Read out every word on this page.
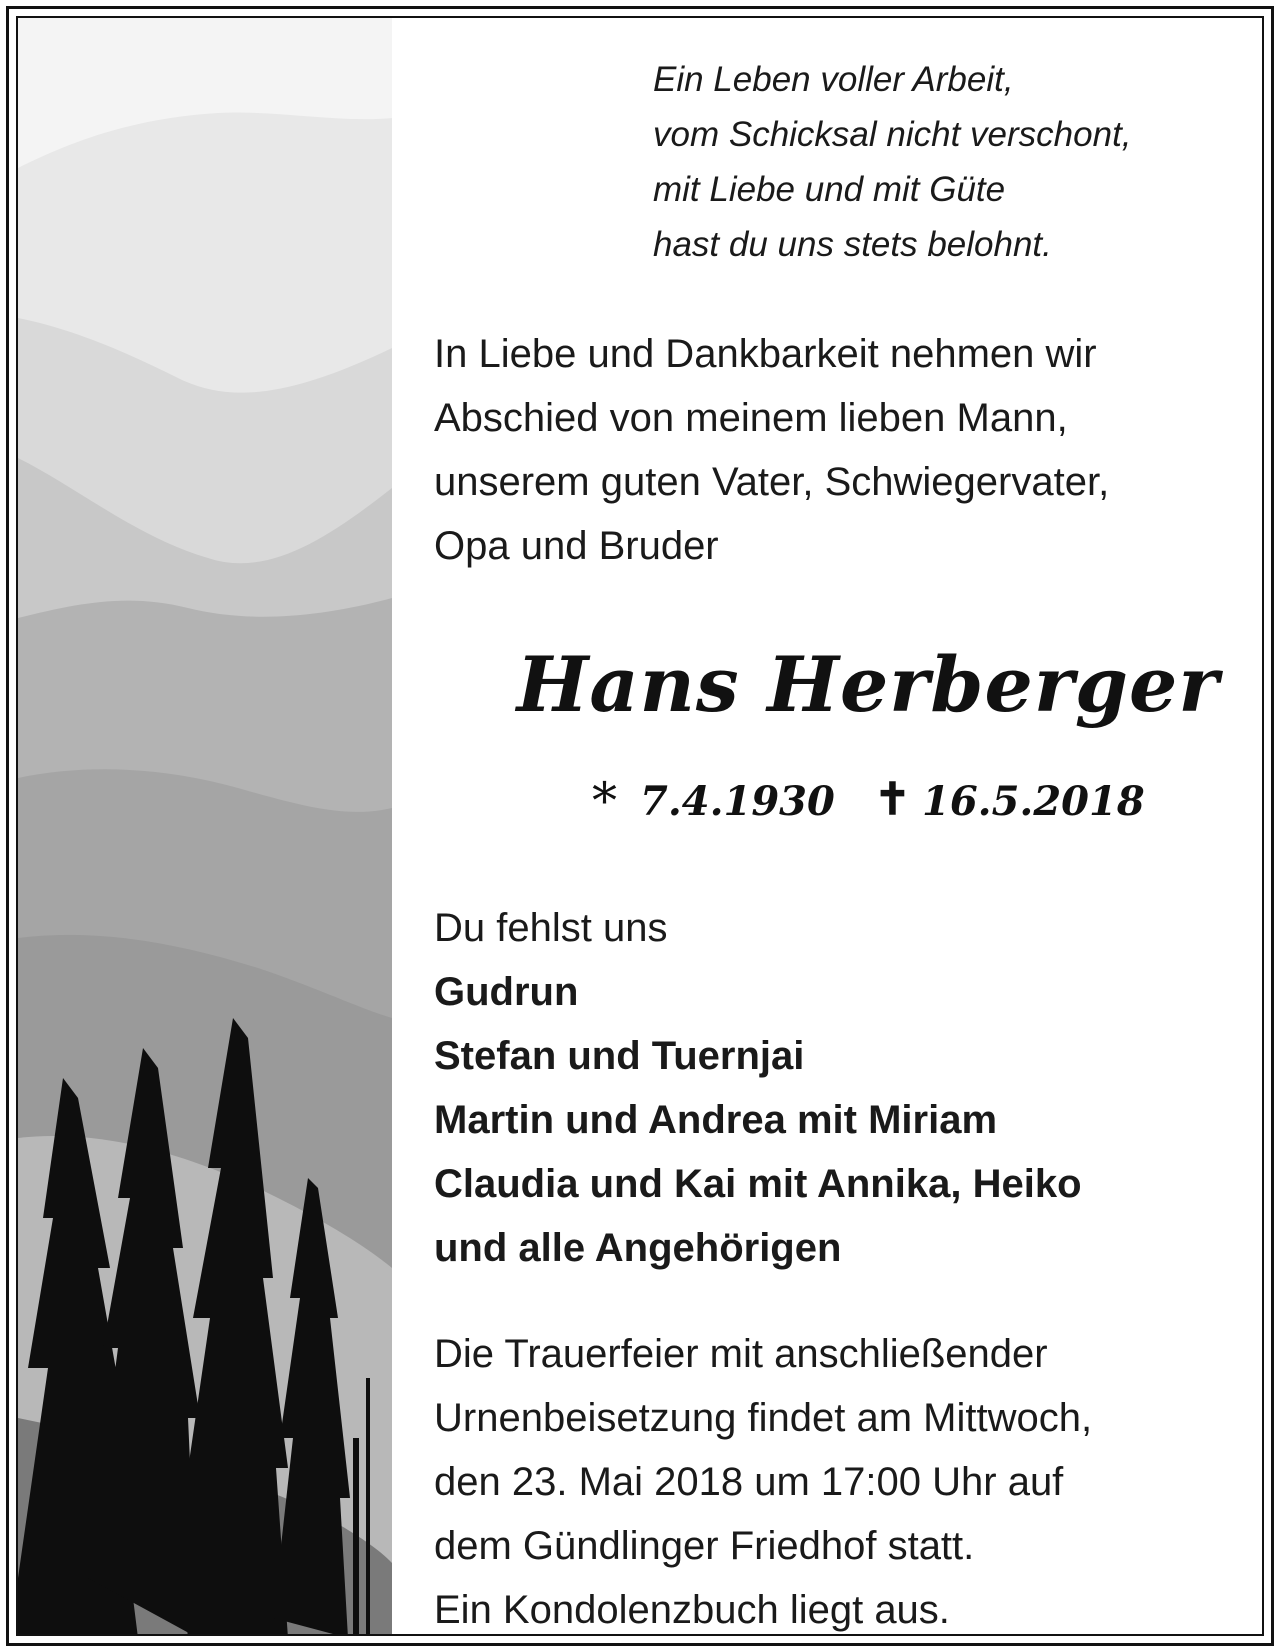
Ein Leben voller Arbeit,
vom Schicksal nicht verschont,
mit Liebe und mit Güte
hast du uns stets belohnt.
In Liebe und Dankbarkeit nehmen wir
Abschied von meinem lieben Mann,
unserem guten Vater, Schwiegervater,
Opa und Bruder
Hans Herberger
* 7.4.1930 ✝ 16.5.2018
Du fehlst uns
Gudrun
Stefan und Tuernjai
Martin und Andrea mit Miriam
Claudia und Kai mit Annika, Heiko
und alle Angehörigen
Die Trauerfeier mit anschließender
Urnenbeisetzung findet am Mittwoch,
den 23. Mai 2018 um 17:00 Uhr auf
dem Gündlinger Friedhof statt.
Ein Kondolenzbuch liegt aus.
